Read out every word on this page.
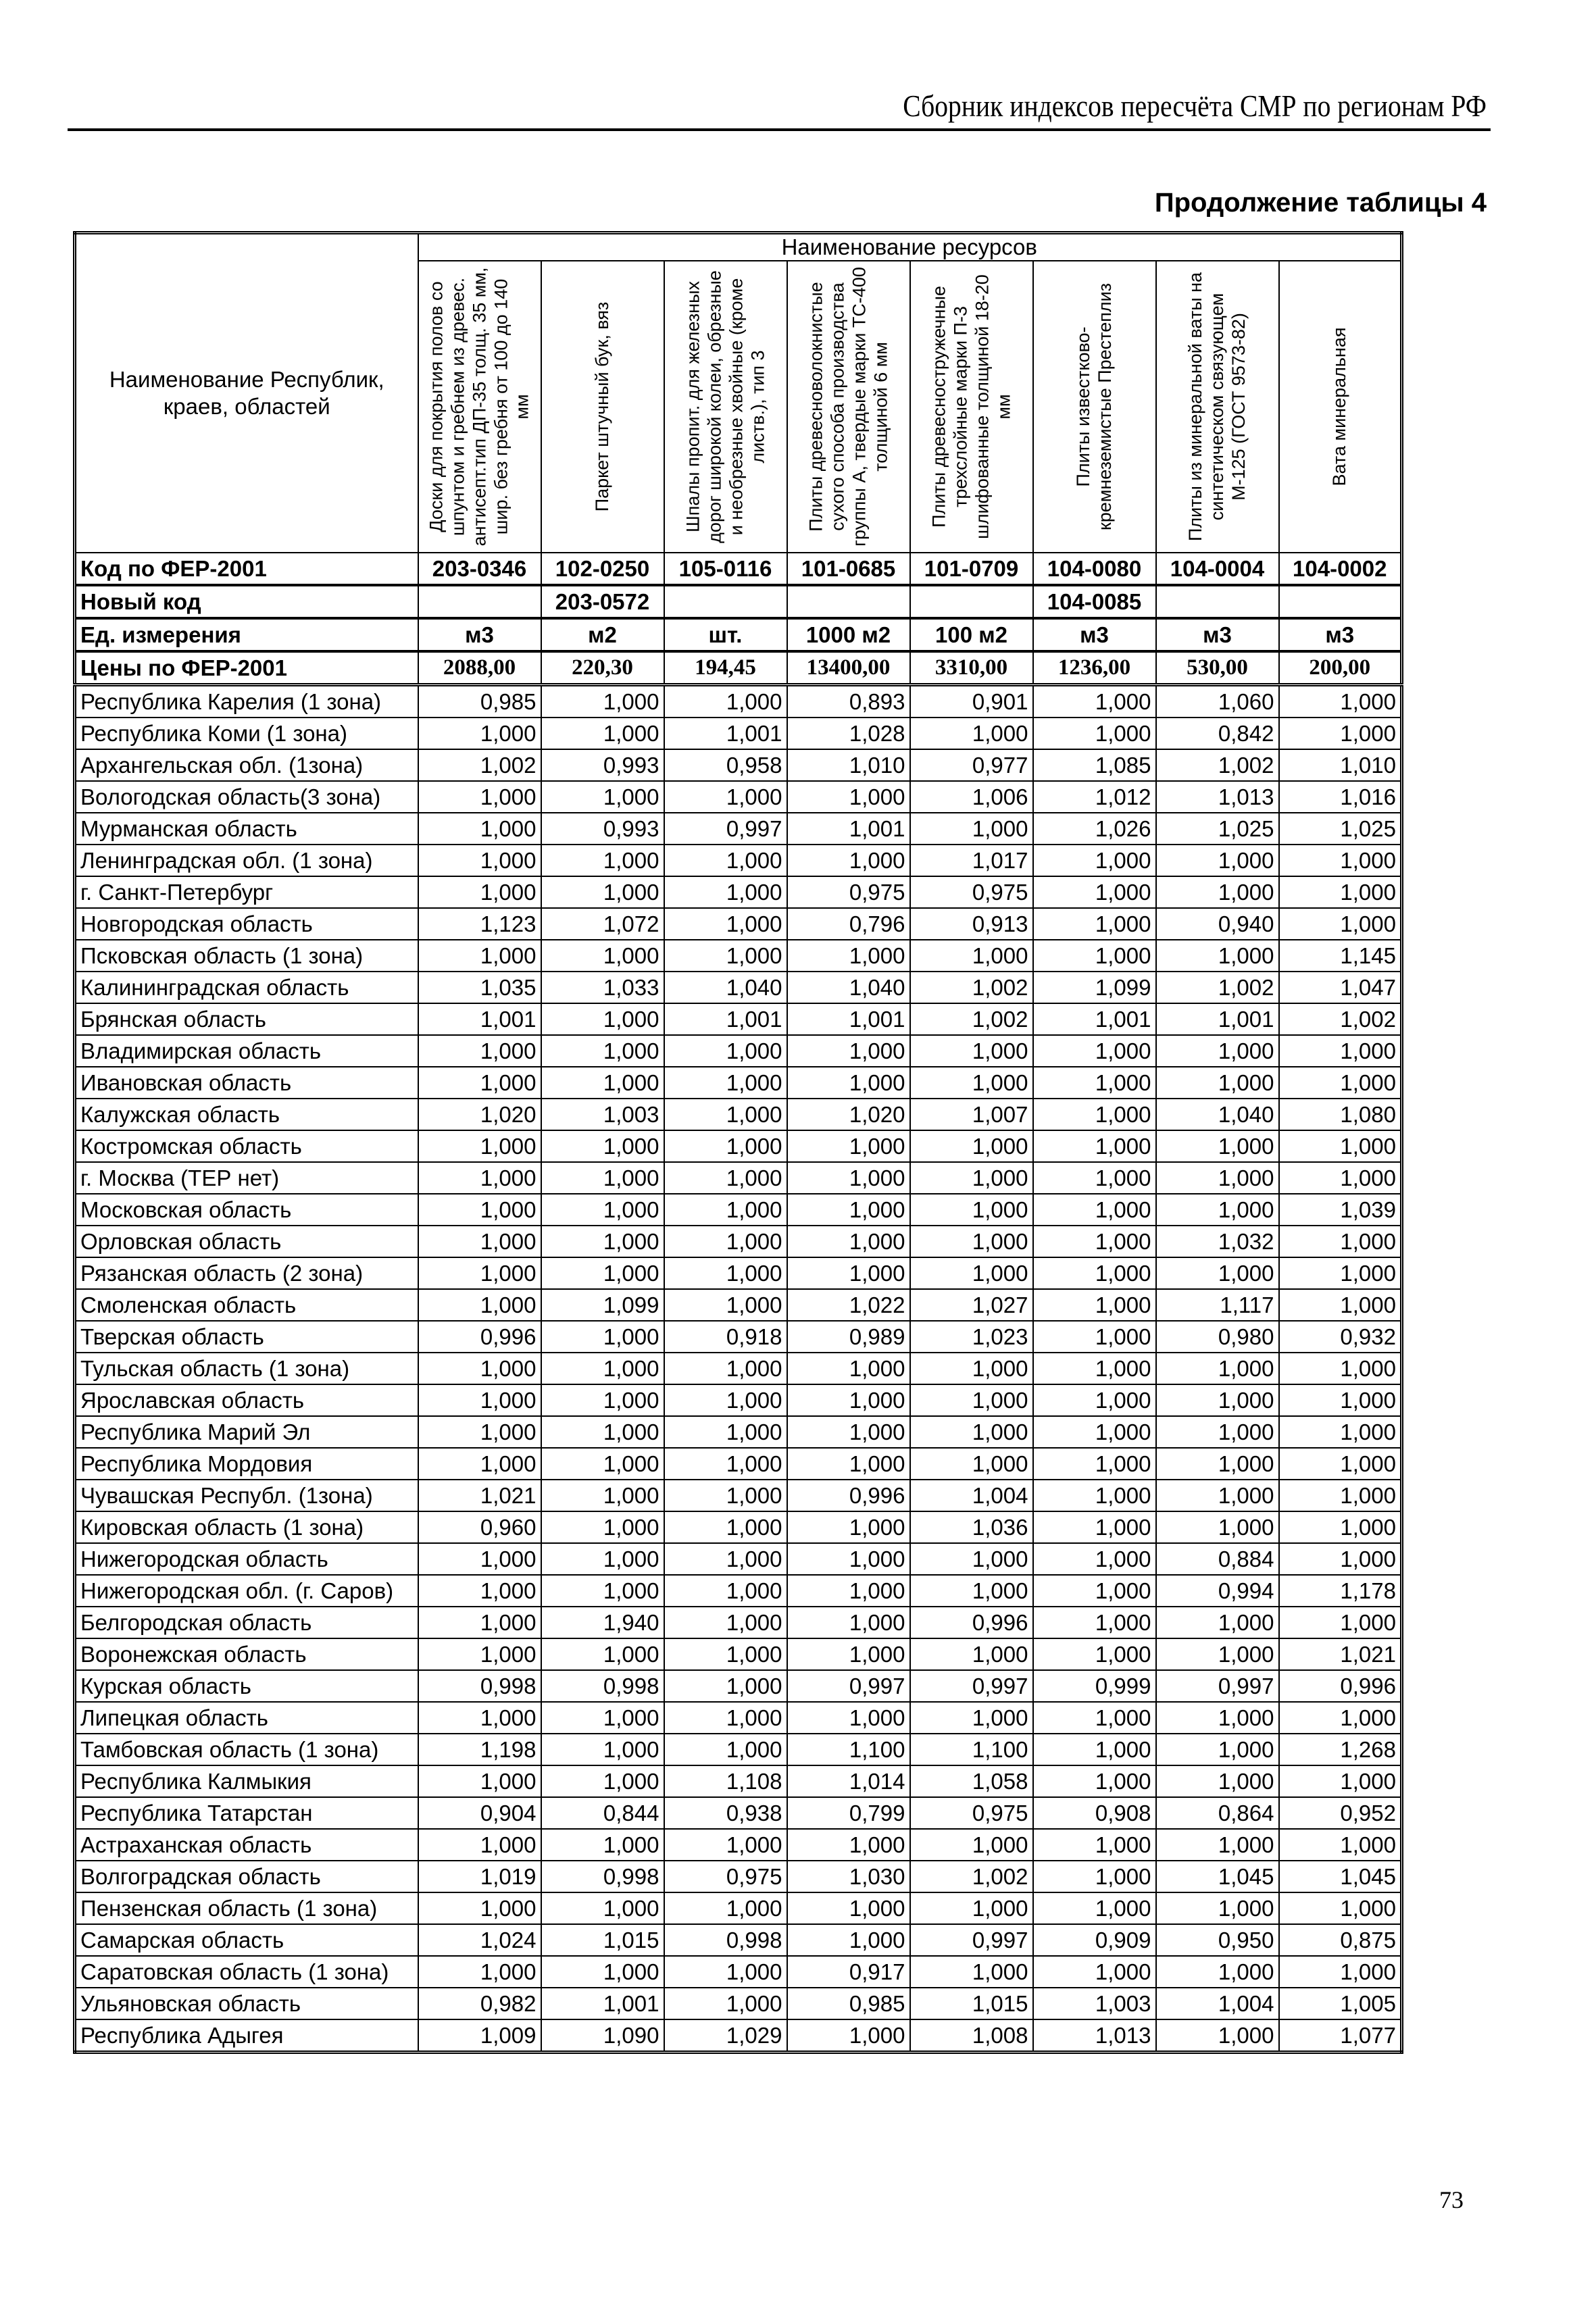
Сборник индексов пересчёта СМР по регионам РФ
Продолжение таблицы 4
Наименование Республик, краев, областей	Наименование ресурсов							

	Доски для покрытия полов со шпунтом и гребнем из древес. антисепт.тип ДП-35 толщ. 35 мм, шир. без гребня от 100 до 140 мм	Паркет штучный бук, вяз	Шпалы пропит. для железных дорог широкой колеи, обрезные и необрезные хвойные (кроме листв.), тип 3	Плиты древесноволокнистые сухого способа производства группы А, твердые марки ТС-400 толщиной 6 мм	Плиты древесностружечные трехслойные марки П-3 шлифованные толщиной 18-20 мм	Плиты известково-кремнеземистые Престеплиз	Плиты из минеральной ваты на синтетическом связующем М-125 (ГОСТ 9573-82)	Вата минеральная

Код по ФЕР-2001	203-0346	102-0250	105-0116	101-0685	101-0709	104-0080	104-0004	104-0002
Новый код		203-0572				104-0085		
Ед. измерения	м3	м2	шт.	1000 м2	100 м2	м3	м3	м3
Цены по ФЕР-2001	2088,00	220,30	194,45	13400,00	3310,00	1236,00	530,00	200,00
Республика Карелия (1 зона)	0,985	1,000	1,000	0,893	0,901	1,000	1,060	1,000
Республика Коми (1 зона)	1,000	1,000	1,001	1,028	1,000	1,000	0,842	1,000
Архангельская обл. (1зона)	1,002	0,993	0,958	1,010	0,977	1,085	1,002	1,010
Вологодская область(3 зона)	1,000	1,000	1,000	1,000	1,006	1,012	1,013	1,016
Мурманская область	1,000	0,993	0,997	1,001	1,000	1,026	1,025	1,025
Ленинградская обл. (1 зона)	1,000	1,000	1,000	1,000	1,017	1,000	1,000	1,000
г. Санкт-Петербург	1,000	1,000	1,000	0,975	0,975	1,000	1,000	1,000
Новгородская область	1,123	1,072	1,000	0,796	0,913	1,000	0,940	1,000
Псковская область (1 зона)	1,000	1,000	1,000	1,000	1,000	1,000	1,000	1,145
Калининградская область	1,035	1,033	1,040	1,040	1,002	1,099	1,002	1,047
Брянская область	1,001	1,000	1,001	1,001	1,002	1,001	1,001	1,002
Владимирская область	1,000	1,000	1,000	1,000	1,000	1,000	1,000	1,000
Ивановская область	1,000	1,000	1,000	1,000	1,000	1,000	1,000	1,000
Калужская область	1,020	1,003	1,000	1,020	1,007	1,000	1,040	1,080
Костромская область	1,000	1,000	1,000	1,000	1,000	1,000	1,000	1,000
г. Москва (ТЕР нет)	1,000	1,000	1,000	1,000	1,000	1,000	1,000	1,000
Московская область	1,000	1,000	1,000	1,000	1,000	1,000	1,000	1,039
Орловская область	1,000	1,000	1,000	1,000	1,000	1,000	1,032	1,000
Рязанская область (2 зона)	1,000	1,000	1,000	1,000	1,000	1,000	1,000	1,000
Смоленская область	1,000	1,099	1,000	1,022	1,027	1,000	1,117	1,000
Тверская область	0,996	1,000	0,918	0,989	1,023	1,000	0,980	0,932
Тульская область (1 зона)	1,000	1,000	1,000	1,000	1,000	1,000	1,000	1,000
Ярославская область	1,000	1,000	1,000	1,000	1,000	1,000	1,000	1,000
Республика Марий Эл	1,000	1,000	1,000	1,000	1,000	1,000	1,000	1,000
Республика Мордовия	1,000	1,000	1,000	1,000	1,000	1,000	1,000	1,000
Чувашская Республ. (1зона)	1,021	1,000	1,000	0,996	1,004	1,000	1,000	1,000
Кировская область (1 зона)	0,960	1,000	1,000	1,000	1,036	1,000	1,000	1,000
Нижегородская область	1,000	1,000	1,000	1,000	1,000	1,000	0,884	1,000
Нижегородская обл. (г. Саров)	1,000	1,000	1,000	1,000	1,000	1,000	0,994	1,178
Белгородская область	1,000	1,940	1,000	1,000	0,996	1,000	1,000	1,000
Воронежская область	1,000	1,000	1,000	1,000	1,000	1,000	1,000	1,021
Курская область	0,998	0,998	1,000	0,997	0,997	0,999	0,997	0,996
Липецкая область	1,000	1,000	1,000	1,000	1,000	1,000	1,000	1,000
Тамбовская область (1 зона)	1,198	1,000	1,000	1,100	1,100	1,000	1,000	1,268
Республика Калмыкия	1,000	1,000	1,108	1,014	1,058	1,000	1,000	1,000
Республика Татарстан	0,904	0,844	0,938	0,799	0,975	0,908	0,864	0,952
Астраханская область	1,000	1,000	1,000	1,000	1,000	1,000	1,000	1,000
Волгоградская область	1,019	0,998	0,975	1,030	1,002	1,000	1,045	1,045
Пензенская область (1 зона)	1,000	1,000	1,000	1,000	1,000	1,000	1,000	1,000
Самарская область	1,024	1,015	0,998	1,000	0,997	0,909	0,950	0,875
Саратовская область (1 зона)	1,000	1,000	1,000	0,917	1,000	1,000	1,000	1,000
Ульяновская область	0,982	1,001	1,000	0,985	1,015	1,003	1,004	1,005
Республика Адыгея	1,009	1,090	1,029	1,000	1,008	1,013	1,000	1,077
73
